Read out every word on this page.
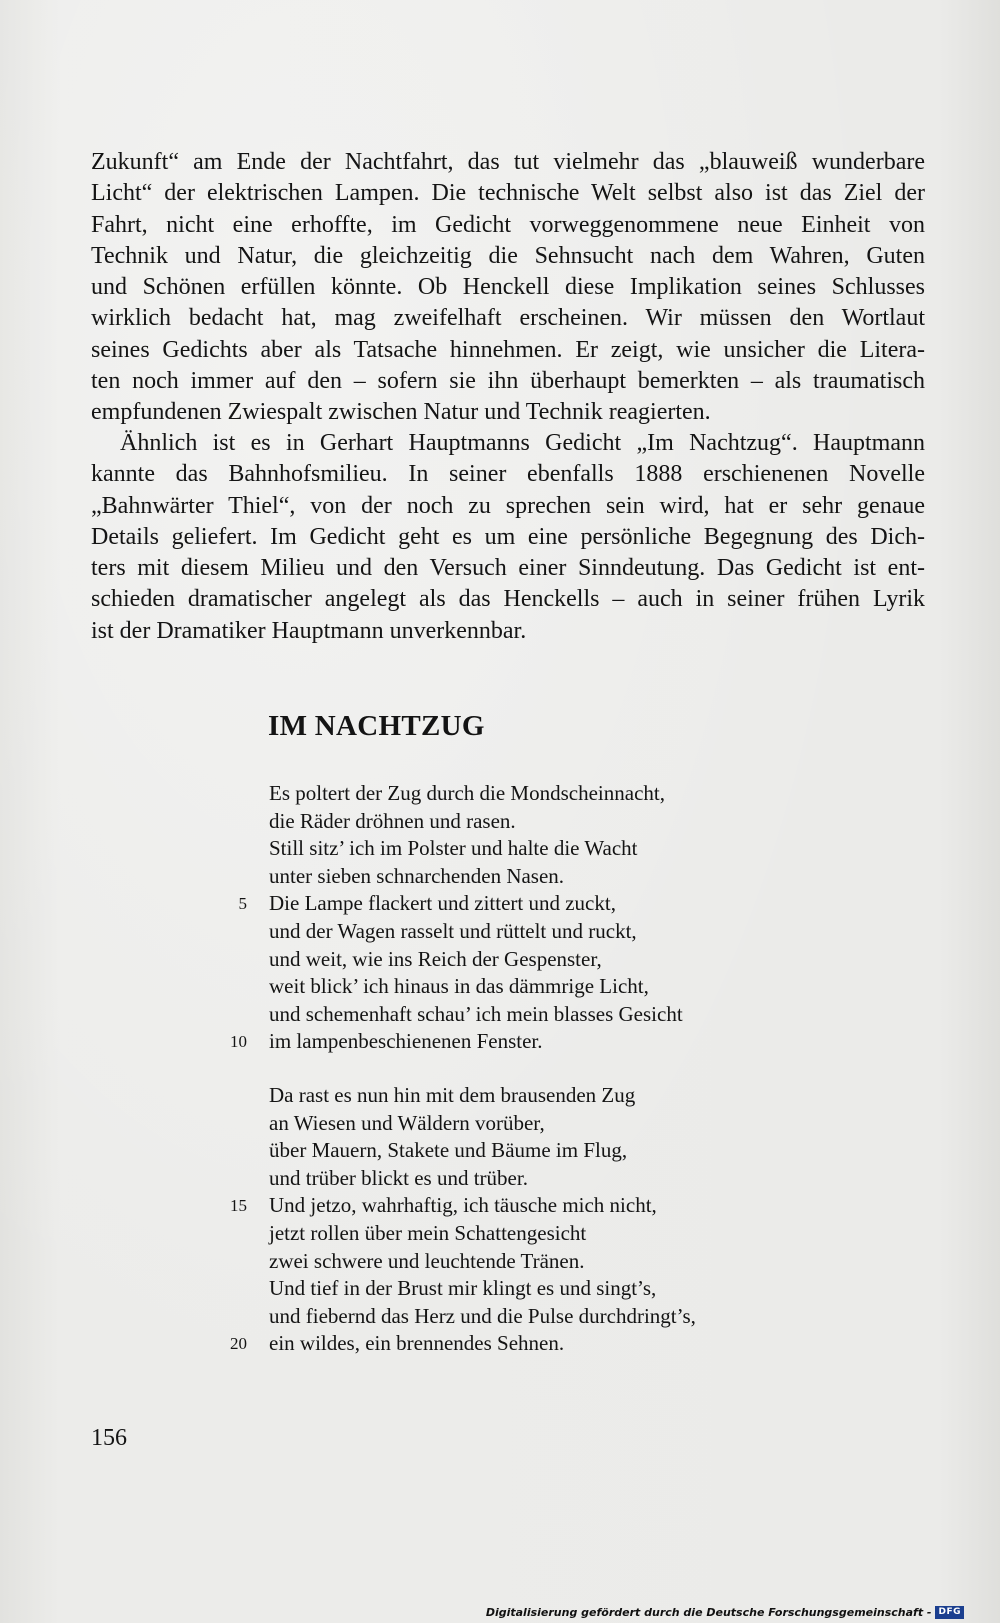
Zukunft“ am Ende der Nachtfahrt, das tut vielmehr das „blauweiß wunderbare
Licht“ der elektrischen Lampen. Die technische Welt selbst also ist das Ziel der
Fahrt, nicht eine erhoffte, im Gedicht vorweggenommene neue Einheit von
Technik und Natur, die gleichzeitig die Sehnsucht nach dem Wahren, Guten
und Schönen erfüllen könnte. Ob Henckell diese Implikation seines Schlusses
wirklich bedacht hat, mag zweifelhaft erscheinen. Wir müssen den Wortlaut
seines Gedichts aber als Tatsache hinnehmen. Er zeigt, wie unsicher die Litera-
ten noch immer auf den – sofern sie ihn überhaupt bemerkten – als traumatisch
empfundenen Zwiespalt zwischen Natur und Technik reagierten.
Ähnlich ist es in Gerhart Hauptmanns Gedicht „Im Nachtzug“. Hauptmann
kannte das Bahnhofsmilieu. In seiner ebenfalls 1888 erschienenen Novelle
„Bahnwärter Thiel“, von der noch zu sprechen sein wird, hat er sehr genaue
Details geliefert. Im Gedicht geht es um eine persönliche Begegnung des Dich-
ters mit diesem Milieu und den Versuch einer Sinndeutung. Das Gedicht ist ent-
schieden dramatischer angelegt als das Henckells – auch in seiner frühen Lyrik
ist der Dramatiker Hauptmann unverkennbar.
IM NACHTZUG
Es poltert der Zug durch die Mondscheinnacht,
die Räder dröhnen und rasen.
Still sitz’ ich im Polster und halte die Wacht
unter sieben schnarchenden Nasen.
5 Die Lampe flackert und zittert und zuckt,
und der Wagen rasselt und rüttelt und ruckt,
und weit, wie ins Reich der Gespenster,
weit blick’ ich hinaus in das dämmrige Licht,
und schemenhaft schau’ ich mein blasses Gesicht
10 im lampenbeschienenen Fenster.
Da rast es nun hin mit dem brausenden Zug
an Wiesen und Wäldern vorüber,
über Mauern, Stakete und Bäume im Flug,
und trüber blickt es und trüber.
15 Und jetzo, wahrhaftig, ich täusche mich nicht,
jetzt rollen über mein Schattengesicht
zwei schwere und leuchtende Tränen.
Und tief in der Brust mir klingt es und singt’s,
und fiebernd das Herz und die Pulse durchdringt’s,
20 ein wildes, ein brennendes Sehnen.

156

Digitalisierung gefördert durch die Deutsche Forschungsgemeinschaft - DFG
